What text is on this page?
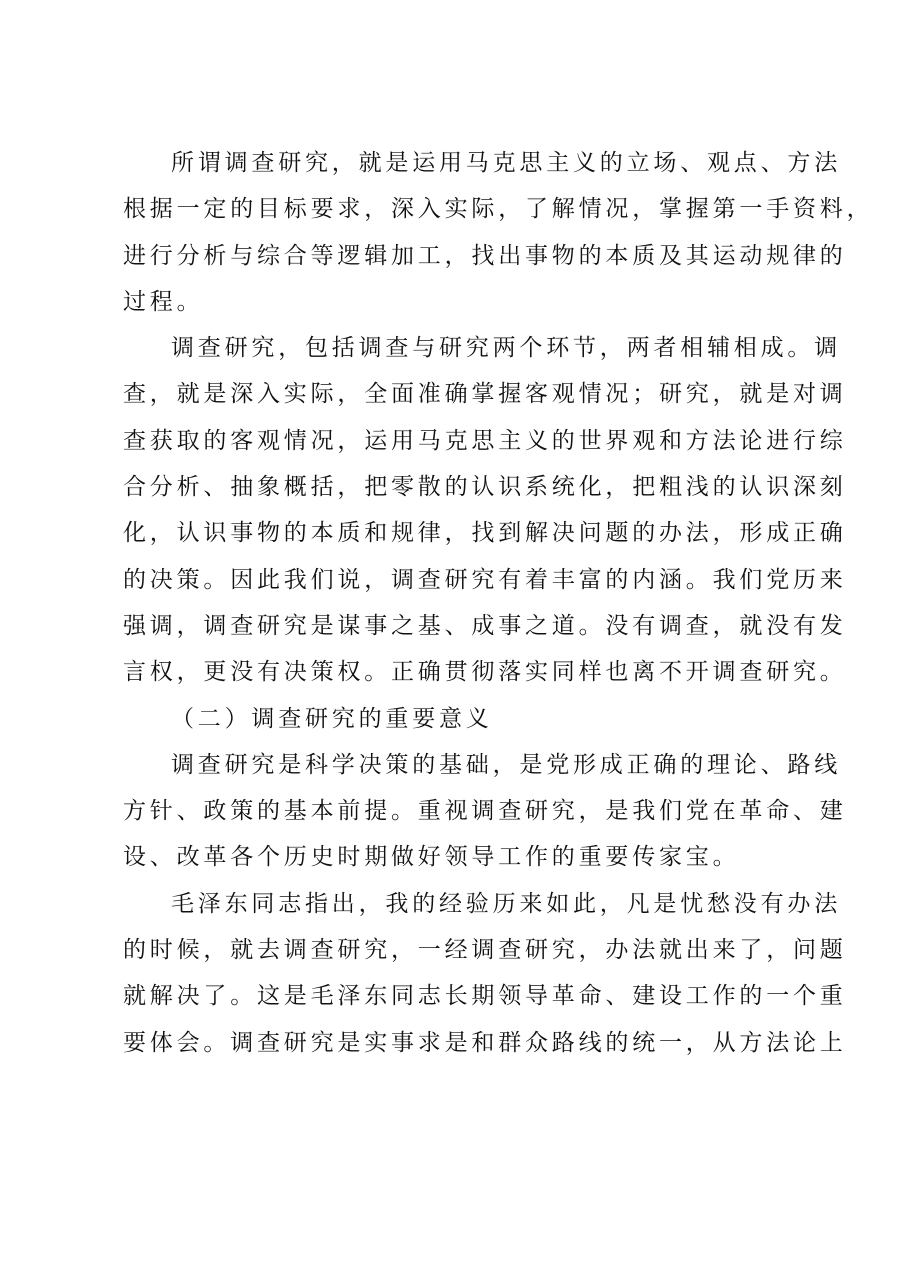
所谓调查研究，就是运用马克思主义的立场、观点、方法
根据一定的目标要求，深入实际，了解情况，掌握第一手资料，
进行分析与综合等逻辑加工，找出事物的本质及其运动规律的
过程。
调查研究，包括调查与研究两个环节，两者相辅相成。调
查，就是深入实际，全面准确掌握客观情况；研究，就是对调
查获取的客观情况，运用马克思主义的世界观和方法论进行综
合分析、抽象概括，把零散的认识系统化，把粗浅的认识深刻
化，认识事物的本质和规律，找到解决问题的办法，形成正确
的决策。因此我们说，调查研究有着丰富的内涵。我们党历来
强调，调查研究是谋事之基、成事之道。没有调查，就没有发
言权，更没有决策权。正确贯彻落实同样也离不开调查研究。
（二）调查研究的重要意义
调查研究是科学决策的基础，是党形成正确的理论、路线
方针、政策的基本前提。重视调查研究，是我们党在革命、建
设、改革各个历史时期做好领导工作的重要传家宝。
毛泽东同志指出，我的经验历来如此，凡是忧愁没有办法
的时候，就去调查研究，一经调查研究，办法就出来了，问题
就解决了。这是毛泽东同志长期领导革命、建设工作的一个重
要体会。调查研究是实事求是和群众路线的统一，从方法论上
